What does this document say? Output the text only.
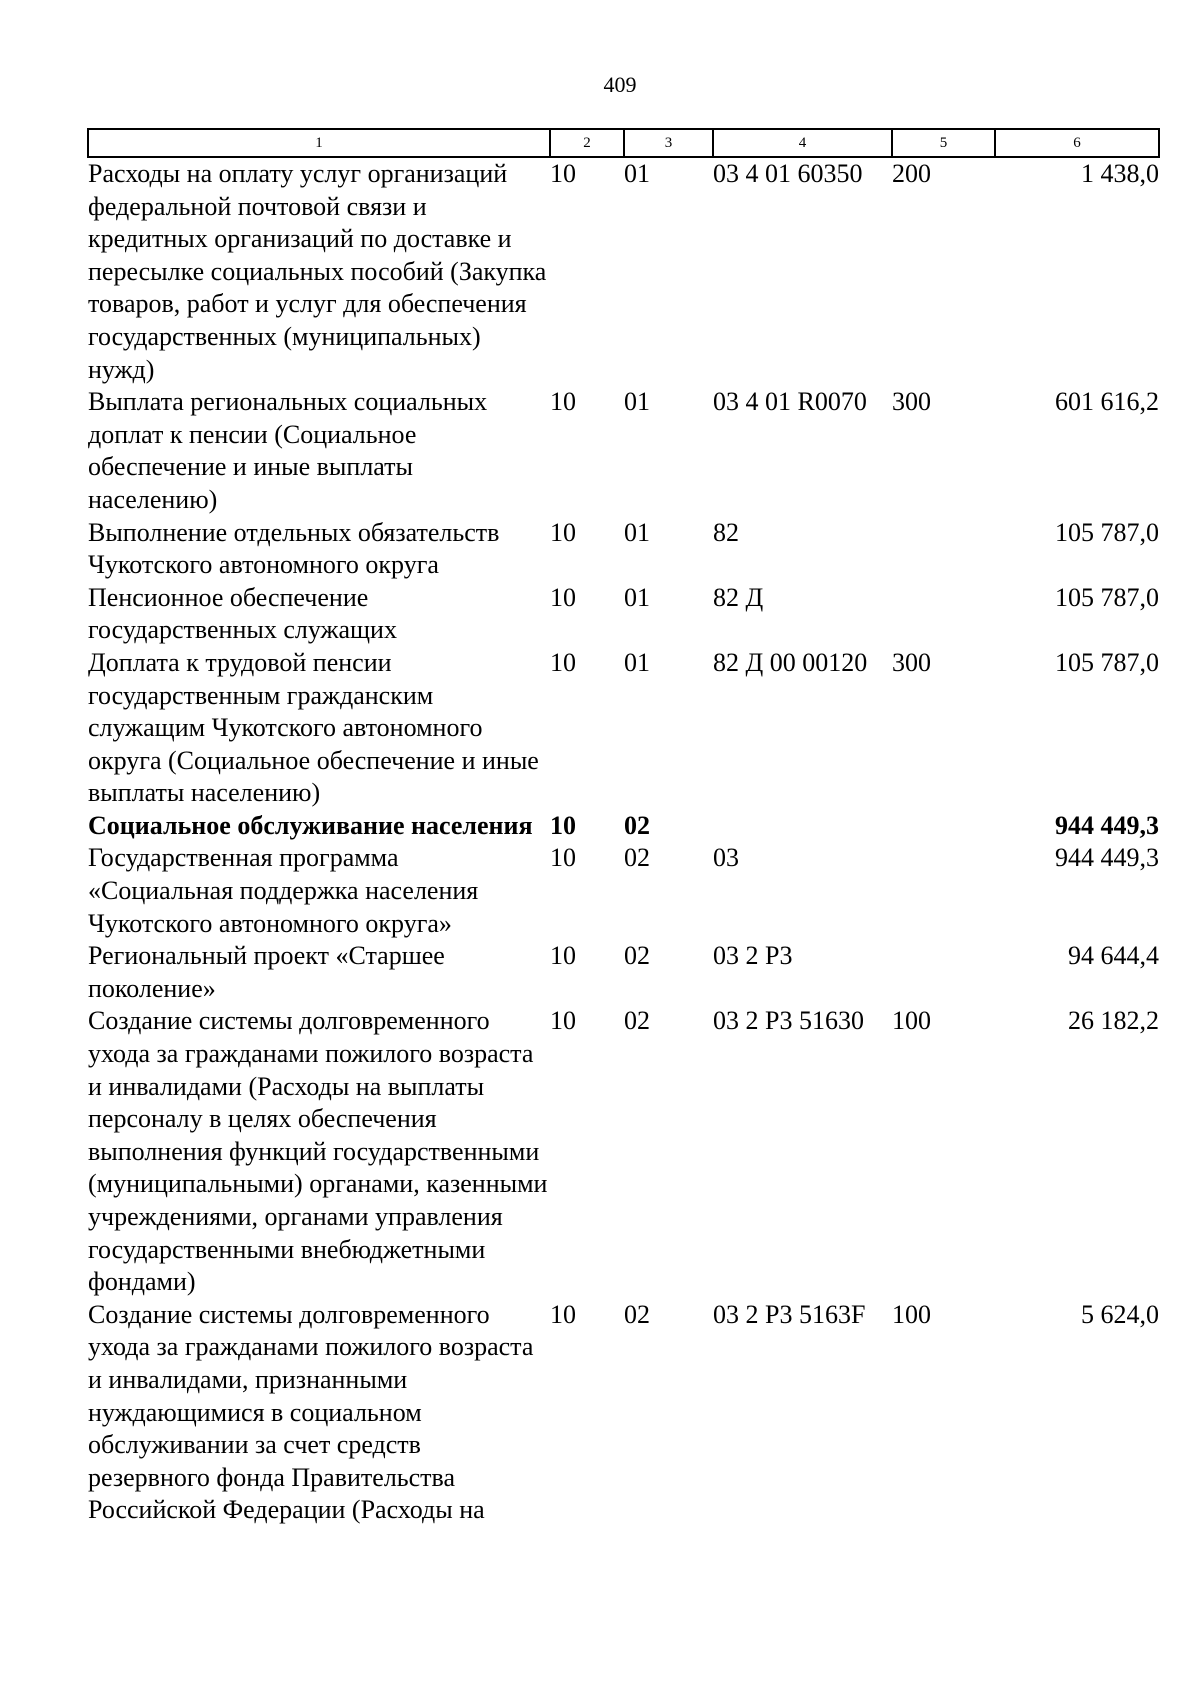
409
1	2	3	4	5	6
Расходы на оплату услуг организаций федеральной почтовой связи и кредитных организаций по доставке и пересылке социальных пособий (Закупка товаров, работ и услуг для обеспечения государственных (муниципальных) нужд)	10	01	03 4 01 60350	200	1 438,0
Выплата региональных социальных доплат к пенсии (Социальное обеспечение и иные выплаты населению)	10	01	03 4 01 R0070	300	601 616,2
Выполнение отдельных обязательств Чукотского автономного округа	10	01	82		105 787,0
Пенсионное обеспечение государственных служащих	10	01	82 Д		105 787,0
Доплата к трудовой пенсии государственным гражданским служащим Чукотского автономного округа (Социальное обеспечение и иные выплаты населению)	10	01	82 Д 00 00120	300	105 787,0
Социальное обслуживание населения	10	02			944 449,3
Государственная программа «Социальная поддержка населения Чукотского автономного округа»	10	02	03		944 449,3
Региональный проект «Старшее поколение»	10	02	03 2 P3		94 644,4
Создание системы долговременного ухода за гражданами пожилого возраста и инвалидами (Расходы на выплаты персоналу в целях обеспечения выполнения функций государственными (муниципальными) органами, казенными учреждениями, органами управления государственными внебюджетными фондами)	10	02	03 2 P3 51630	100	26 182,2
Создание системы долговременного ухода за гражданами пожилого возраста и инвалидами, признанными нуждающимися в социальном обслуживании за счет средств резервного фонда Правительства Российской Федерации (Расходы на	10	02	03 2 P3 5163F	100	5 624,0
